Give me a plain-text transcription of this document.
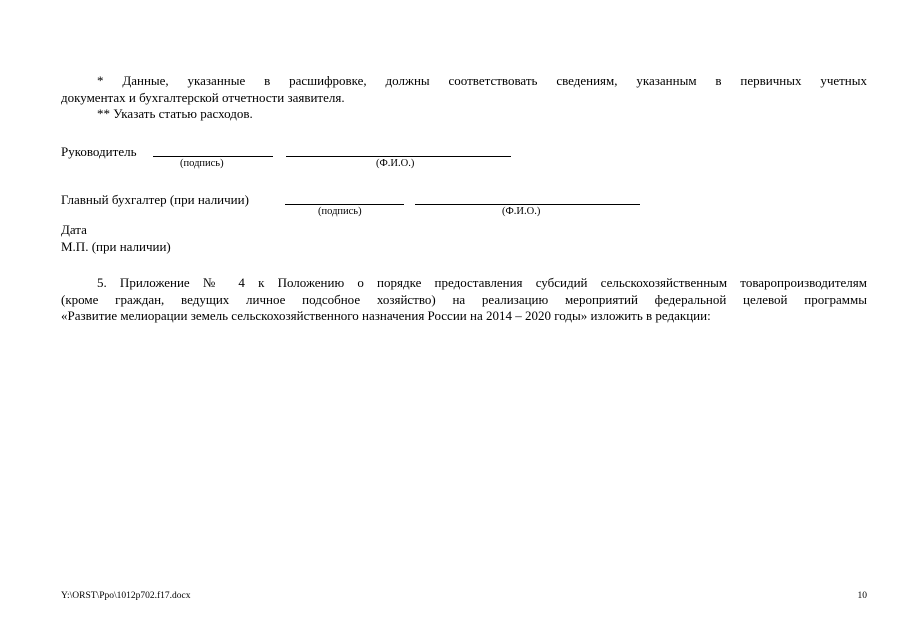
* Данные, указанные в расшифровке, должны соответствовать сведениям, указанным в первичных учетных
документах и бухгалтерской отчетности заявителя.
** Указать статью расходов.
Руководитель
(подпись)	(Ф.И.О.)
Главный бухгалтер (при наличии)
(подпись)	(Ф.И.О.)
Дата
М.П. (при наличии)
5. Приложение № 4 к Положению о порядке предоставления субсидий сельскохозяйственным товаропроизводителям
(кроме граждан, ведущих личное подсобное хозяйство) на реализацию мероприятий федеральной целевой программы
«Развитие мелиорации земель сельскохозяйственного назначения России на 2014 – 2020 годы» изложить в редакции:
Y:\ORST\Ppo\1012p702.f17.docx	10
